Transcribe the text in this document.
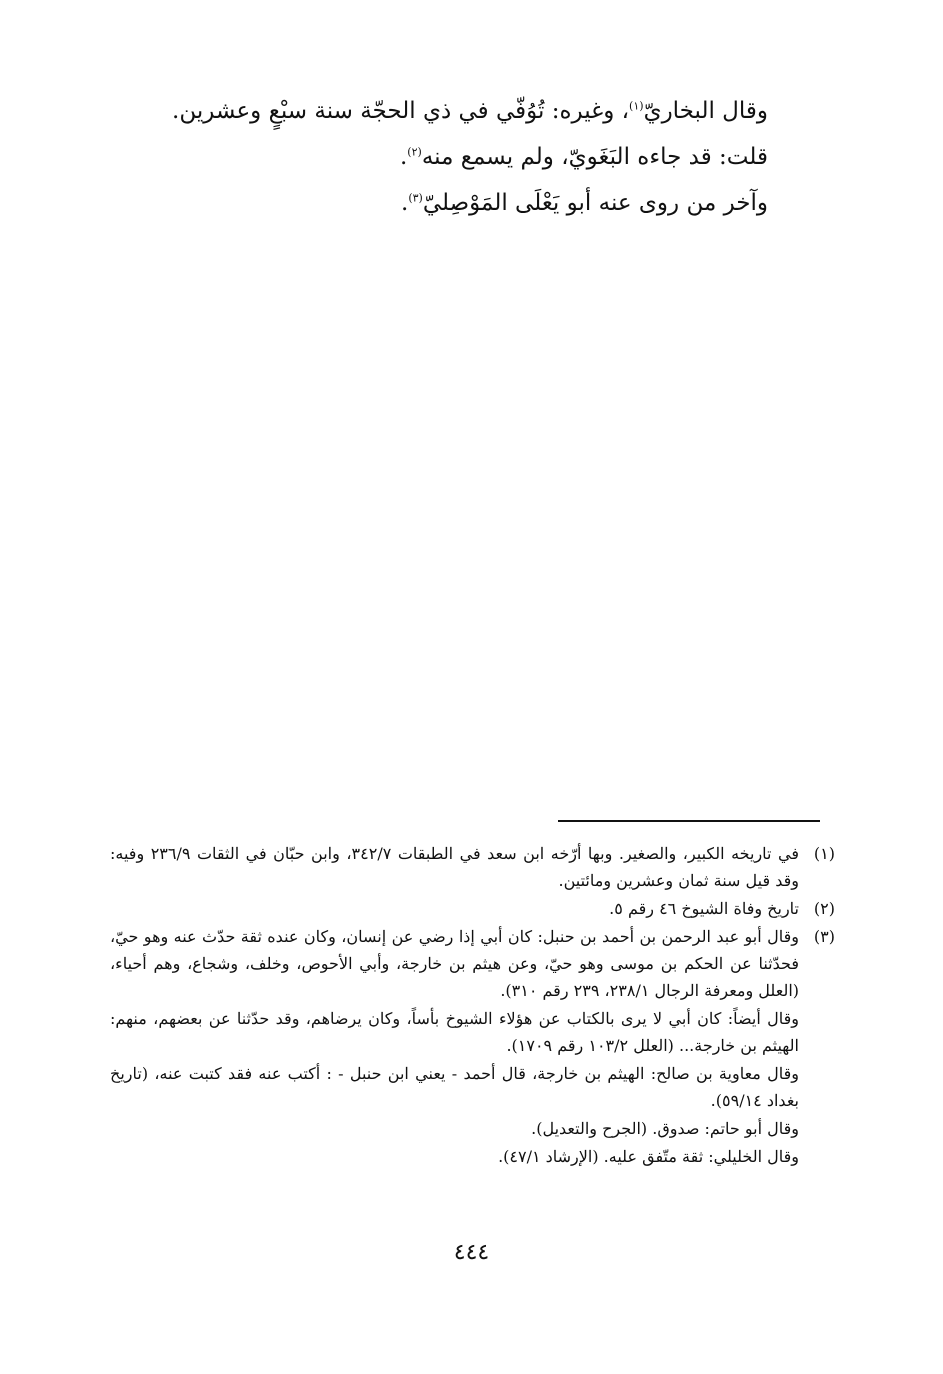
وقال البخاريّ$^{(١)}$، وغيره: تُوُفّي في ذي الحجّة سنة سبْعٍ وعشرين.

قلت: قد جاءه البَغَويّ، ولم يسمع منه$^{(٢)}$.

وآخر من روى عنه أبو يَعْلَى المَوْصِليّ$^{(٣)}$.

(١)

في تاريخه الكبير، والصغير. وبها أرّخه ابن سعد في الطبقات ٣٤٢/٧، وابن حبّان في الثقات ٢٣٦/٩ وفيه: وقد قيل سنة ثمان وعشرين ومائتين.

(٢)

تاريخ وفاة الشيوخ ٤٦ رقم ٥.

(٣)

وقال أبو عبد الرحمن بن أحمد بن حنبل: كان أبي إذا رضي عن إنسان، وكان عنده ثقة حدّث عنه وهو حيّ، فحدّثنا عن الحكم بن موسى وهو حيّ، وعن هيثم بن خارجة، وأبي الأحوص، وخلف، وشجاع، وهم أحياء، (العلل ومعرفة الرجال ٢٣٨/١، ٢٣٩ رقم ٣١٠).

وقال أيضاً: كان أبي لا يرى بالكتاب عن هؤلاء الشيوخ بأساً، وكان يرضاهم، وقد حدّثنا عن بعضهم، منهم: الهيثم بن خارجة... (العلل ١٠٣/٢ رقم ١٧٠٩).

وقال معاوية بن صالح: الهيثم بن خارجة، قال أحمد - يعني ابن حنبل - : أكتب عنه فقد كتبت عنه، (تاريخ بغداد ٥٩/١٤).

وقال أبو حاتم: صدوق. (الجرح والتعديل).

وقال الخليلي: ثقة متّفق عليه. (الإرشاد ٤٧/١).

٤٤٤
